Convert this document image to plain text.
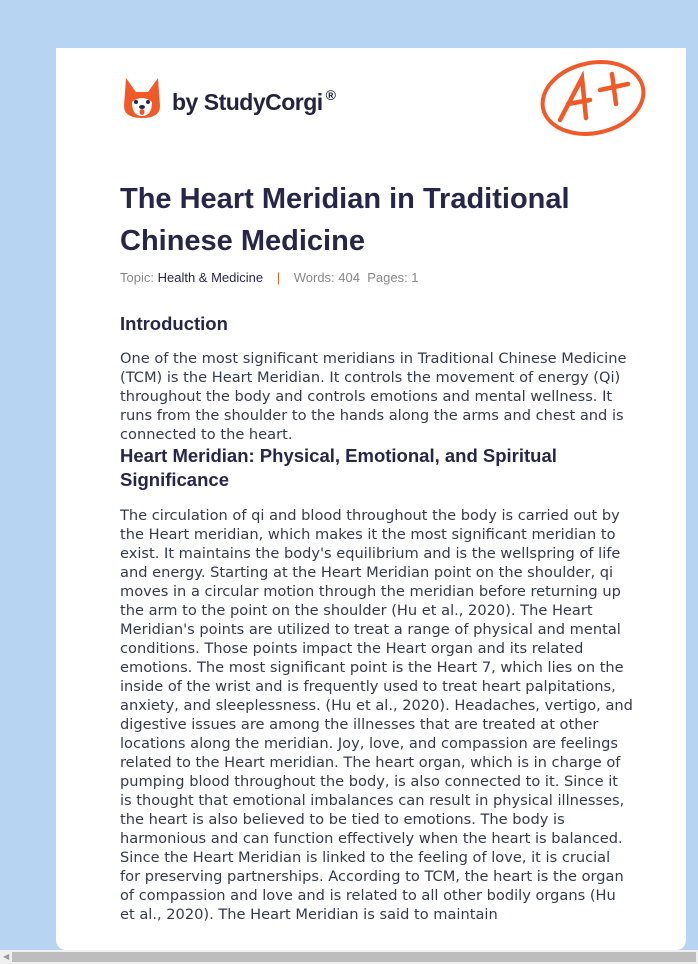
by StudyCorgi ®
The Heart Meridian in Traditional Chinese Medicine
Topic: Health & Medicine | Words: 404 Pages: 1
Introduction

One of the most significant meridians in Traditional Chinese Medicine (TCM) is the Heart Meridian. It controls the movement of energy (Qi) throughout the body and controls emotions and mental wellness. It runs from the shoulder to the hands along the arms and chest and is connected to the heart.

Heart Meridian: Physical, Emotional, and Spiritual Significance

The circulation of qi and blood throughout the body is carried out by the Heart meridian, which makes it the most significant meridian to exist. It maintains the body's equilibrium and is the wellspring of life and energy. Starting at the Heart Meridian point on the shoulder, qi moves in a circular motion through the meridian before returning up the arm to the point on the shoulder (Hu et al., 2020). The Heart Meridian's points are utilized to treat a range of physical and mental conditions. Those points impact the Heart organ and its related emotions. The most significant point is the Heart 7, which lies on the inside of the wrist and is frequently used to treat heart palpitations, anxiety, and sleeplessness. (Hu et al., 2020). Headaches, vertigo, and digestive issues are among the illnesses that are treated at other locations along the meridian. Joy, love, and compassion are feelings related to the Heart meridian. The heart organ, which is in charge of pumping blood throughout the body, is also connected to it. Since it is thought that emotional imbalances can result in physical illnesses, the heart is also believed to be tied to emotions. The body is harmonious and can function effectively when the heart is balanced. Since the Heart Meridian is linked to the feeling of love, it is crucial for preserving partnerships. According to TCM, the heart is the organ of compassion and love and is related to all other bodily organs (Hu et al., 2020). The Heart Meridian is said to maintain

◀
